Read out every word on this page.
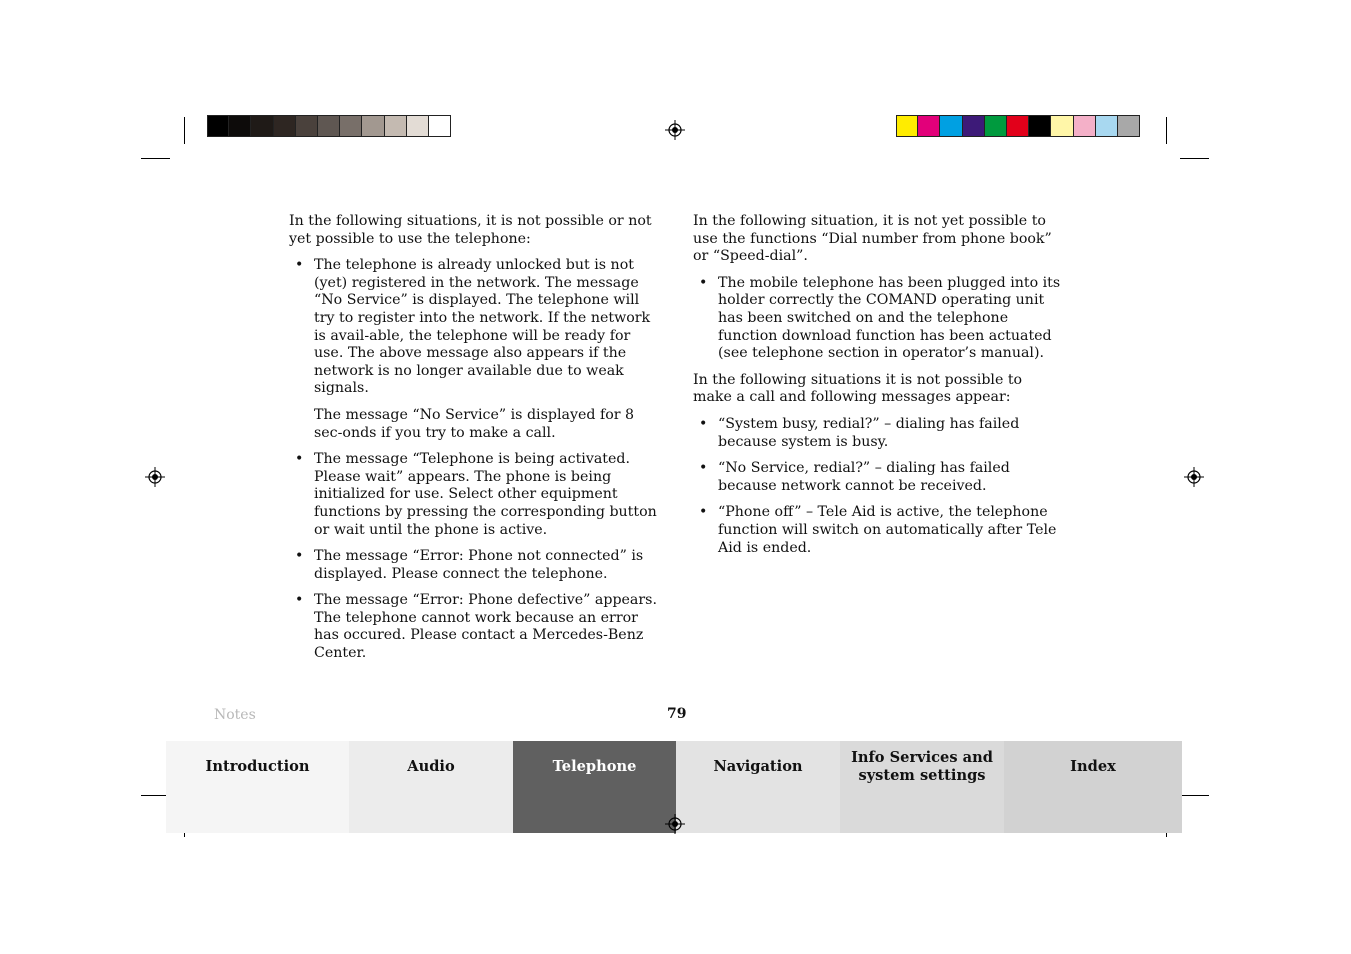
In the following situations, it is not possible or not yet possible to use the telephone:

• The telephone is already unlocked but is not (yet) registered in the network. The message “No Service” is displayed. The telephone will try to register into the network. If the network is avail-able, the telephone will be ready for use. The above message also appears if the network is no longer available due to weak signals.

The message “No Service” is displayed for 8 sec-onds if you try to make a call.

• The message “Telephone is being activated. Please wait” appears. The phone is being initialized for use. Select other equipment functions by pressing the corresponding button or wait until the phone is active.
• The message “Error: Phone not connected” is displayed. Please connect the telephone.
• The message “Error: Phone defective” appears. The telephone cannot work because an error has occured. Please contact a Mercedes-Benz Center.

In the following situation, it is not yet possible to use the functions “Dial number from phone book” or “Speed-dial”.

• The mobile telephone has been plugged into its holder correctly the COMAND operating unit has been switched on and the telephone function download function has been actuated (see telephone section in operator’s manual).

In the following situations it is not possible to make a call and following messages appear:

• “System busy, redial?” – dialing has failed because system is busy.
• “No Service, redial?” – dialing has failed because network cannot be received.
• “Phone off” – Tele Aid is active, the telephone function will switch on automatically after Tele Aid is ended.
Notes	79
Introduction	Audio	Telephone	Navigation
Info Services and
system settings
Index
